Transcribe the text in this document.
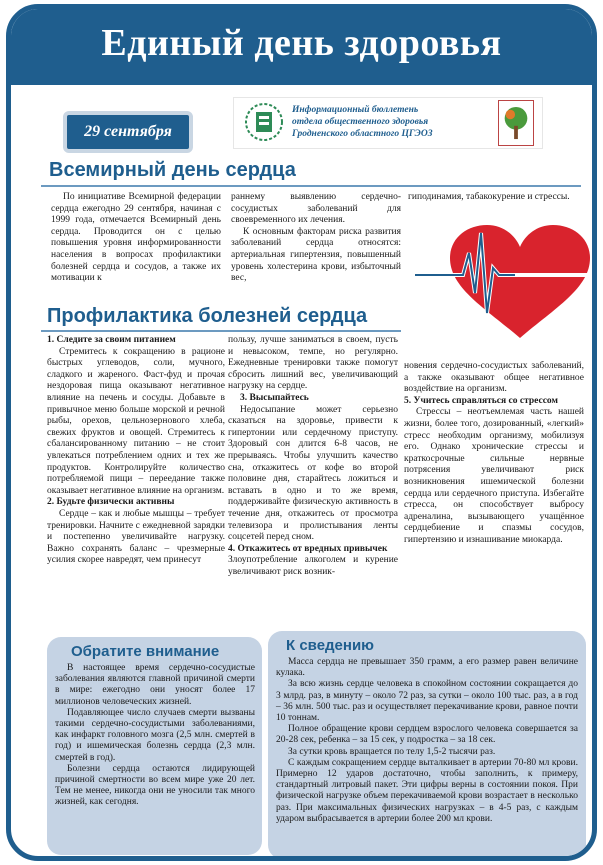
Единый день здоровья
29 сентября
Информационный бюллетень
отдела общественного здоровья
Гродненского областного ЦГЭОЗ
Всемирный день сердца

По инициативе Всемирной федерации сердца ежегодно 29 сентября, начиная с 1999 года, отмечается Всемирный день сердца. Проводится он с целью повышения уровня информированности населения в вопросах профилактики болезней сердца и сосудов, а также их мотивации к

раннему выявлению сердечно-сосудистых заболеваний для своевременного их лечения.

К основным факторам риска развития заболеваний сердца относятся: артериальная гипертензия, повышенный уровень холестерина крови, избыточный вес,

гиподинамия, табакокурение и стрессы.

Профилактика болезней сердца
1. Следите за своим питанием

Стремитесь к сокращению в рационе быстрых углеводов, соли, мучного, сладкого и жареного. Фаст-фуд и прочая нездоровая пища оказывают негативное влияние на печень и сосуды. Добавьте в привычное меню больше морской и речной рыбы, орехов, цельнозернового хлеба, свежих фруктов и овощей. Стремитесь к сбалансированному питанию – не стоит увлекаться потреблением одних и тех же продуктов. Контролируйте количество потребляемой пищи – переедание также оказывает негативное влияние на организм.

2. Будьте физически активны

Сердце – как и любые мышцы – требует тренировки. Начните с ежедневной зарядки и постепенно увеличивайте нагрузку. Важно сохранять баланс – чрезмерные усилия скорее навредят, чем принесут

пользу, лучше заниматься в своем, пусть и невысоком, темпе, но регулярно. Ежедневные тренировки также помогут сбросить лишний вес, увеличивающий нагрузку на сердце.

3. Высыпайтесь

Недосыпание может серьезно сказаться на здоровье, привести к гипертонии или сердечному приступу. Здоровый сон длится 6-8 часов, не прерываясь. Чтобы улучшить качество сна, откажитесь от кофе во второй половине дня, старайтесь ложиться и вставать в одно и то же время, поддерживайте физическую активность в течение дня, откажитесь от просмотра телевизора и пролистывания ленты соцсетей перед сном.

4. Откажитесь от вредных привычек

Злоупотребление алкоголем и курение увеличивают риск возник-

новения сердечно-сосудистых заболеваний, а также оказывают общее негативное воздействие на организм.

5. Учитесь справляться со стрессом

Стрессы – неотъемлемая часть нашей жизни, более того, дозированный, «легкий» стресс необходим организму, мобилизуя его. Однако хронические стрессы и краткосрочные сильные нервные потрясения увеличивают риск возникновения ишемической болезни сердца или сердечного приступа. Избегайте стресса, он способствует выбросу адреналина, вызывающего учащённое сердцебиение и спазмы сосудов, гипертензию и изнашивание миокарда.

Обратите внимание

В настоящее время сердечно-сосудистые заболевания являются главной причиной смерти в мире: ежегодно они уносят более 17 миллионов человеческих жизней.

Подавляющее число случаев смерти вызваны такими сердечно-сосудистыми заболеваниями, как инфаркт головного мозга (2,5 млн. смертей в год) и ишемическая болезнь сердца (2,3 млн. смертей в год).

Болезни сердца остаются лидирующей причиной смертности во всем мире уже 20 лет. Тем не менее, никогда они не уносили так много жизней, как сегодня.

К сведению

Масса сердца не превышает 350 грамм, а его размер равен величине кулака.

За всю жизнь сердце человека в спокойном состоянии сокращается до 3 млрд. раз, в минуту – около 72 раз, за сутки – около 100 тыс. раз, а в год – 36 млн. 500 тыс. раз и осуществляет перекачивание крови, равное почти 10 тоннам.

Полное обращение крови сердцем взрослого человека совершается за 20-28 сек, ребенка – за 15 сек, у подростка – за 18 сек.

За сутки кровь вращается по телу 1,5-2 тысячи раз.

С каждым сокращением сердце выталкивает в артерии 70-80 мл крови. Примерно 12 ударов достаточно, чтобы заполнить, к примеру, стандартный литровый пакет. Эти цифры верны в состоянии покоя. При физической нагрузке объем перекачиваемой крови возрастает в несколько раз. При максимальных физических нагрузках – в 4-5 раз, с каждым ударом выбрасывается в артерии более 200 мл крови.
